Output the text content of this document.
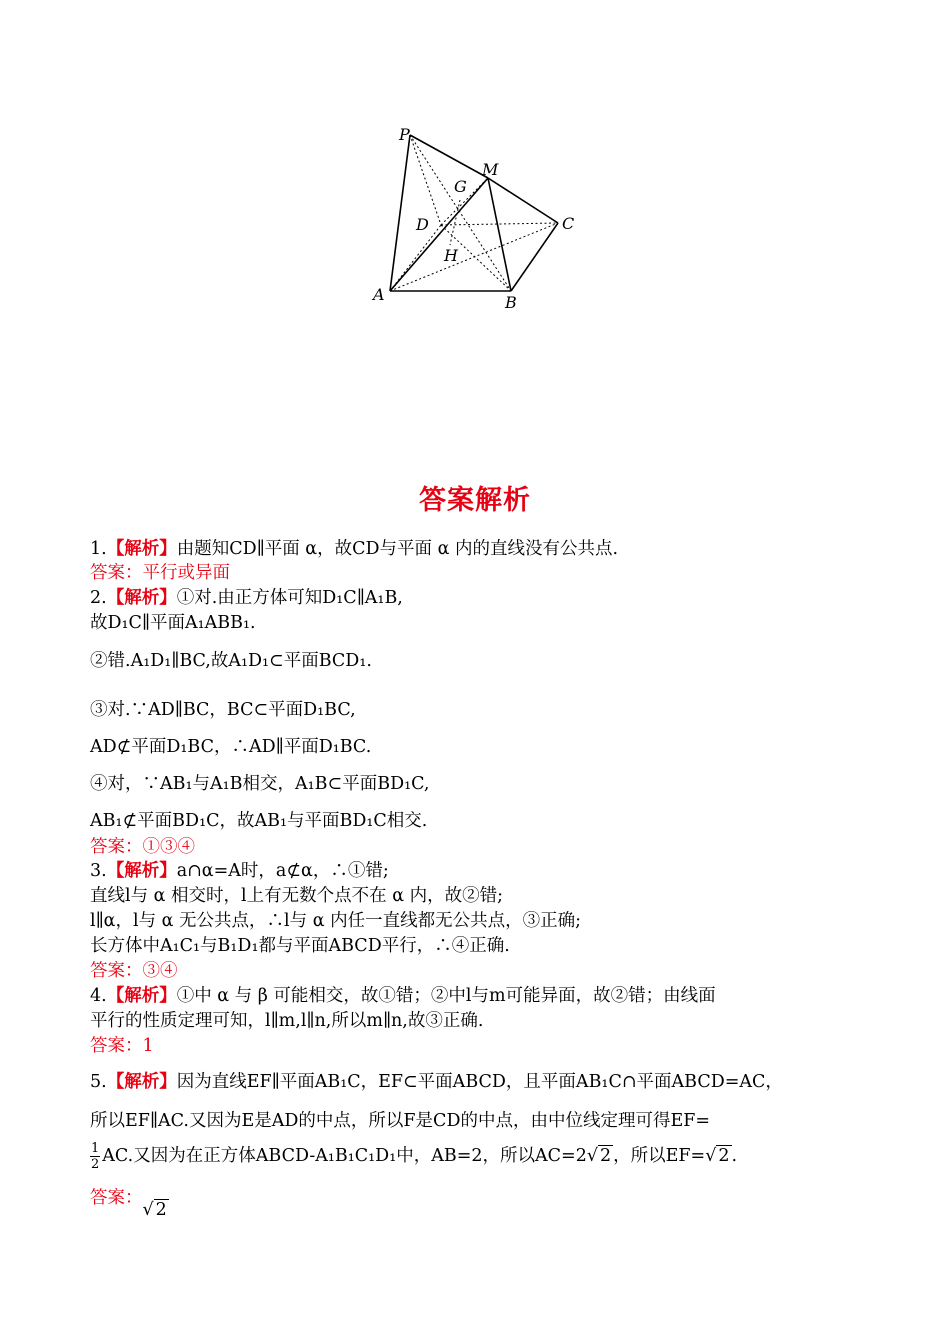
P
M
G
D	C
H
A	B
答案解析
1.【解析】由题知CD∥平面 α，故CD与平面 α 内的直线没有公共点.
答案：平行或异面
2.【解析】①对.由正方体可知D₁C∥A₁B,
故D₁C∥平面A₁ABB₁.
②错.A₁D₁∥BC,故A₁D₁⊂平面BCD₁.
③对.∵AD∥BC，BC⊂平面D₁BC,
AD⊄平面D₁BC，∴AD∥平面D₁BC.
④对，∵AB₁与A₁B相交，A₁B⊂平面BD₁C,
AB₁⊄平面BD₁C，故AB₁与平面BD₁C相交.
答案：①③④
3.【解析】a∩α=A时，a⊄α，∴①错;
直线l与 α 相交时，l上有无数个点不在 α 内，故②错;
l∥α，l与 α 无公共点，∴l与 α 内任一直线都无公共点，③正确;
长方体中A₁C₁与B₁D₁都与平面ABCD平行，∴④正确.
答案：③④
4.【解析】①中 α 与 β 可能相交，故①错；②中l与m可能异面，故②错；由线面
平行的性质定理可知，l∥m,l∥n,所以m∥n,故③正确.
答案：1
5.【解析】因为直线EF∥平面AB₁C，EF⊂平面ABCD，且平面AB₁C∩平面ABCD=AC，
所以EF∥AC.又因为E是AD的中点，所以F是CD的中点，由中位线定理可得EF=
$\frac{1}{2}$ AC.又因为在正方体ABCD-A₁B₁C₁D₁中，AB=2，所以AC=2√ 2 ，所以EF=√ 2 .
答案：√ 2
